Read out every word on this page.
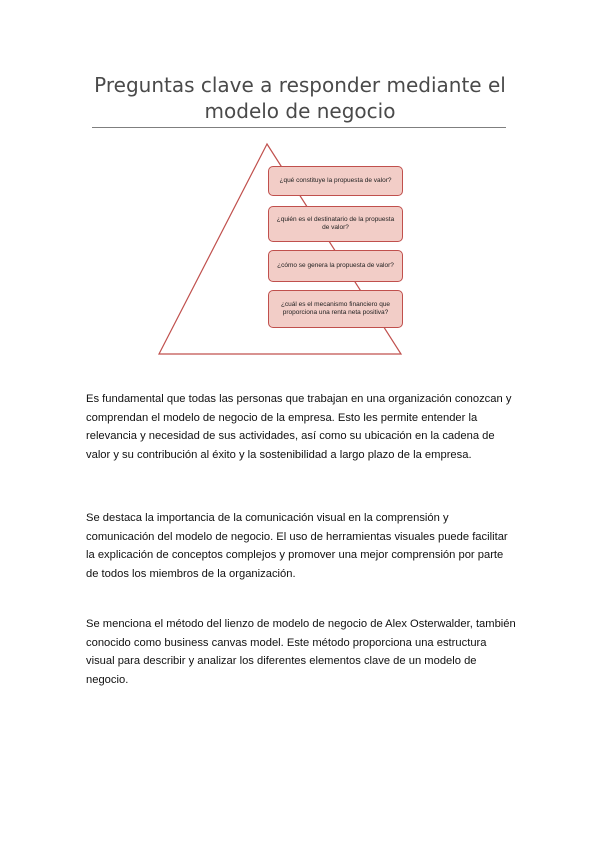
Preguntas clave a responder mediante el modelo de negocio
¿qué constituye la propuesta de valor?
¿quién es el destinatario de la propuesta de valor?
¿cómo se genera la propuesta de valor?
¿cuál es el mecanismo financiero que proporciona una renta neta positiva?

Es fundamental que todas las personas que trabajan en una organización conozcan y comprendan el modelo de negocio de la empresa. Esto les permite entender la relevancia y necesidad de sus actividades, así como su ubicación en la cadena de valor y su contribución al éxito y la sostenibilidad a largo plazo de la empresa.

Se destaca la importancia de la comunicación visual en la comprensión y comunicación del modelo de negocio. El uso de herramientas visuales puede facilitar la explicación de conceptos complejos y promover una mejor comprensión por parte de todos los miembros de la organización.

Se menciona el método del lienzo de modelo de negocio de Alex Osterwalder, también conocido como business canvas model. Este método proporciona una estructura visual para describir y analizar los diferentes elementos clave de un modelo de negocio.
